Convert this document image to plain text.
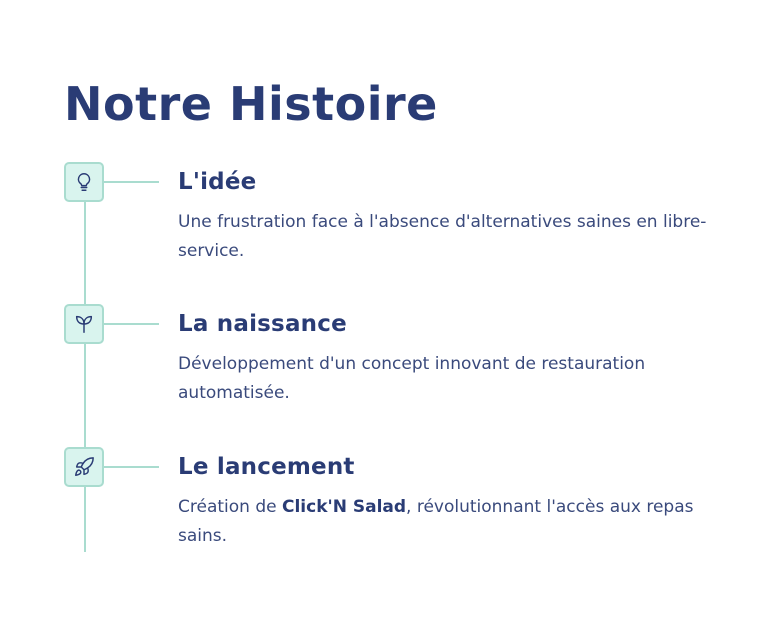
Notre Histoire
L'idée

Une frustration face à l'absence d'alternatives saines en libre-service.

La naissance

Développement d'un concept innovant de restauration automatisée.

Le lancement

Création de Click'N Salad, révolutionnant l'accès aux repas sains.
